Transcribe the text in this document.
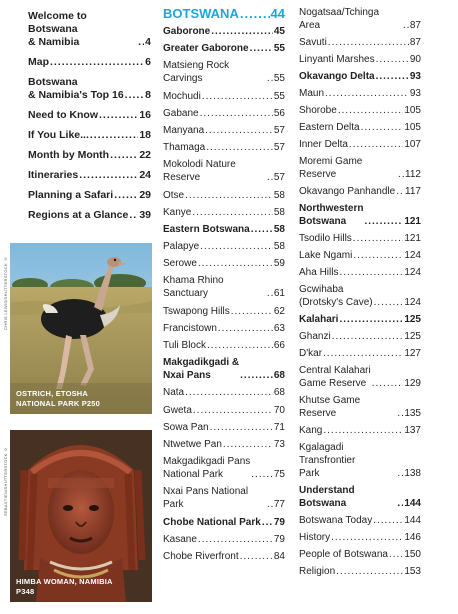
Welcome to Botswana
& Namibia .....	4
Map .....	6
Botswana
& Namibia's Top 16 ..... 8
Need to Know .....	16
If You Like... .....	18
Month by Month .....	22
Itineraries .....	24
Planning a Safari ..... 29
Regions at a Glance ..... 39
BOTSWANA ..... 44
Gaborone .....	45
Greater Gaborone .....	55
Matsieng Rock Carvings .....	55
Mochudi .....	55
Gabane .....	56
Manyana .....	57
Thamaga .....	57
Mokolodi Nature Reserve .....	57
Otse .....	58
Kanye .....	58
Eastern Botswana ..... 58
Palapye .....	58
Serowe .....	59
Khama Rhino Sanctuary .....	61
Tswapong Hills .....	62
Francistown .....	63
Tuli Block .....	66
Makgadikgadi &
Nxai Pans .....	68
Nata .....	68
Gweta .....	70
Sowa Pan .....	71
Ntwetwe Pan .....	73
Makgadikgadi Pans
National Park .....	75
Nxai Pans National Park .....	77
Chobe National Park ..... 79
Kasane .....	79
Chobe Riverfront .....	84
Nogatsaa/Tchinga Area .....	87
Savuti .....	87
Linyanti Marshes .....	90
Okavango Delta .....	93
Maun .....	93
Shorobe .....	105
Eastern Delta .....	105
Inner Delta .....	107
Moremi Game Reserve .....	112
Okavango Panhandle ..... 117
Northwestern
Botswana .....	121
Tsodilo Hills .....	121
Lake Ngami .....	124
Aha Hills .....	124
Gcwihaba
(Drotsky's Cave) .....	124
Kalahari .....	125
Ghanzi .....	125
D'kar .....	127
Central Kalahari
Game Reserve .....	129
Khutse Game Reserve .....	135
Kang .....	137
Kgalagadi Transfrontier
Park .....	138
Understand Botswana .....	144
Botswana Today .....	144
History .....	146
People of Botswana ..... 150
Religion .....	153
CHRIS LEWIS/SHUTTERSTOCK ©
OSTRICH, ETOSHA
NATIONAL PARK P250
SEBASTIEN/SHUTTERSTOCK ©
HIMBA WOMAN, NAMIBIA
P348
